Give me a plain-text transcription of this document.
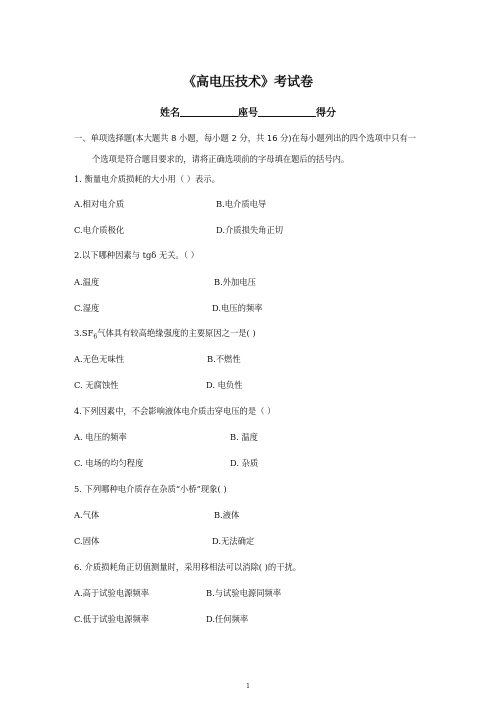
《高电压技术》考试卷
姓名	座号	得分
一、单项选择题(本大题共 8 小题，每小题 2 分，共 16 分)在每小题列出的四个选项中只有一
个选项是符合题目要求的，请将正确选项前的字母填在题后的括号内。
1. 衡量电介质损耗的大小用（ ）表示。
A.相对电介质	B.电介质电导
C.电介质极化	D.介质损失角正切
2.以下哪种因素与 tgδ 无关。（ ）
A.温度	B.外加电压
C.湿度	D.电压的频率
$3.SF_6$气体具有较高绝缘强度的主要原因之一是( )
A.无色无味性	B.不燃性
C. 无腐蚀性	D. 电负性
4.下列因素中，不会影响液体电介质击穿电压的是（ ）
A. 电压的频率	B. 温度
C. 电场的均匀程度	D. 杂质
5. 下列哪种电介质存在杂质“小桥”现象( )
A.气体	B.液体
C.固体	D.无法确定
6. 介质损耗角正切值测量时，采用移相法可以消除( )的干扰。
A.高于试验电源频率	B.与试验电源同频率
C.低于试验电源频率	D.任何频率
1
